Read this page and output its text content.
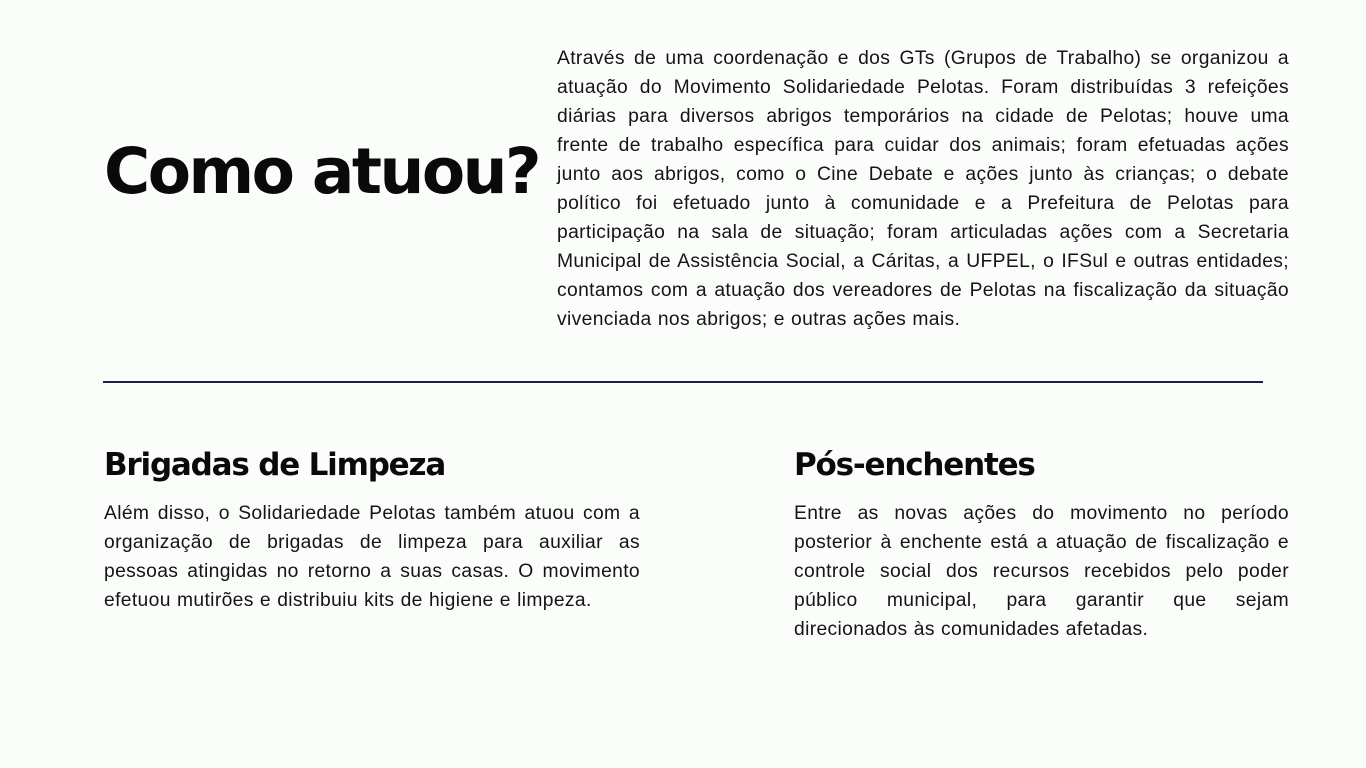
Como atuou?

Através de uma coordenação e dos GTs (Grupos de Trabalho) se organizou a atuação do Movimento Solidariedade Pelotas. Foram distribuídas 3 refeições diárias para diversos abrigos temporários na cidade de Pelotas; houve uma frente de trabalho específica para cuidar dos animais; foram efetuadas ações junto aos abrigos, como o Cine Debate e ações junto às crianças; o debate político foi efetuado junto à comunidade e a Prefeitura de Pelotas para participação na sala de situação; foram articuladas ações com a Secretaria Municipal de Assistência Social, a Cáritas, a UFPEL, o IFSul e outras entidades; contamos com a atuação dos vereadores de Pelotas na fiscalização da situação vivenciada nos abrigos; e outras ações mais.

Brigadas de Limpeza

Além disso, o Solidariedade Pelotas também atuou com a organização de brigadas de limpeza para auxiliar as pessoas atingidas no retorno a suas casas. O movimento efetuou mutirões e distribuiu kits de higiene e limpeza.

Pós-enchentes

Entre as novas ações do movimento no período posterior à enchente está a atuação de fiscalização e controle social dos recursos recebidos pelo poder público municipal, para garantir que sejam direcionados às comunidades afetadas.
